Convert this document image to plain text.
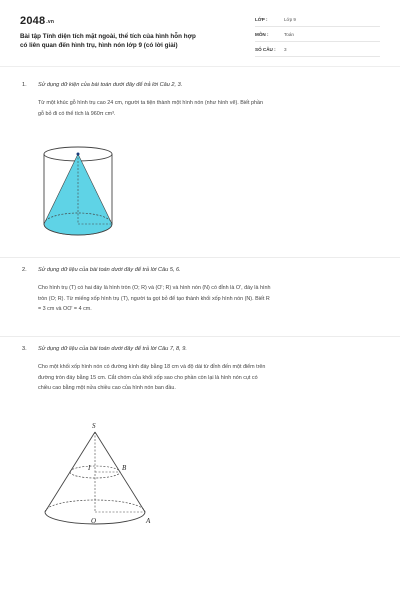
2048.vn
Bài tập Tính diện tích mặt ngoài, thể tích của hình hỗn hợp
có liên quan đến hình trụ, hình nón lớp 9 (có lời giải)
LỚP :	Lớp 9
MÔN :	Toán
SỐ CÂU : 3
1. Sử dụng dữ kiện của bài toán dưới đây để trả lời Câu 2, 3.
Từ một khúc gỗ hình trụ cao 24 cm, người ta tiện thành một hình nón (như hình vẽ). Biết phần
gỗ bỏ đi có thể tích là 960π cm³.
2. Sử dụng dữ liệu của bài toán dưới đây để trả lời Câu 5, 6.
Cho hình trụ (T) có hai đáy là hình tròn (O; R) và (O'; R) và hình nón (N) có đỉnh là O', đáy là hình
tròn (O; R). Từ miếng xốp hình trụ (T), người ta gọt bỏ để tạo thành khối xốp hình nón (N). Biết R
= 3 cm và OO' = 4 cm.
3. Sử dụng dữ liệu của bài toán dưới đây để trả lời Câu 7, 8, 9.
Cho một khối xốp hình nón có đường kính đáy bằng 18 cm và độ dài từ đỉnh đến một điểm trên
đường tròn đáy bằng 15 cm. Cắt chóm của khối xốp sao cho phần còn lại là hình nón cụt có
chiều cao bằng một nửa chiều cao của hình nón ban đầu.
S
I	B
O	A
